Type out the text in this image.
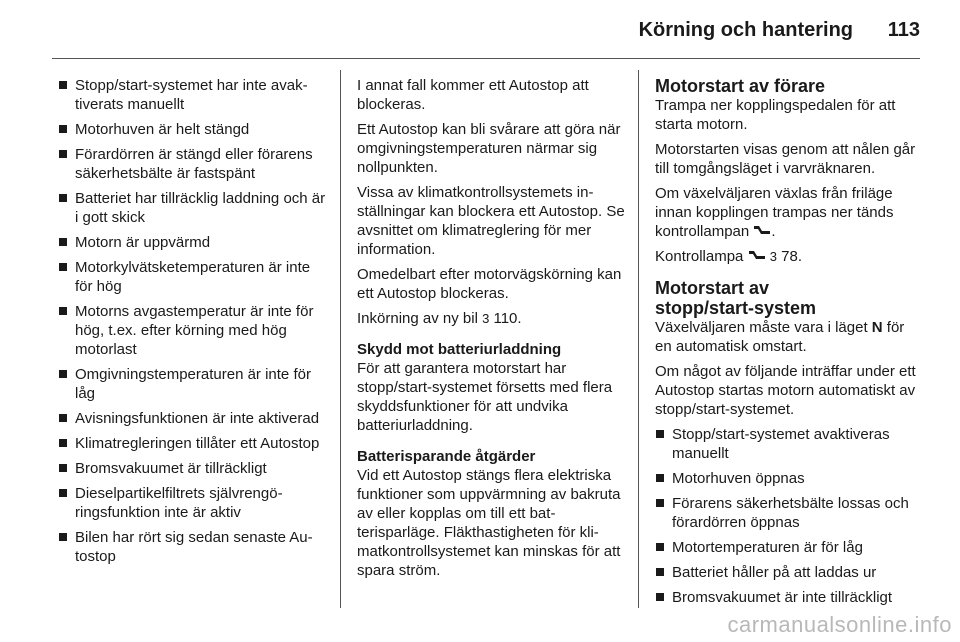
Körning och hantering 113
Stopp/start-systemet har inte avaktiverats manuellt
Motorhuven är helt stängd
Förardörren är stängd eller förarens säkerhetsbälte är fastspänt
Batteriet har tillräcklig laddning och är i gott skick
Motorn är uppvärmd
Motorkylvätsketemperaturen är inte för hög
Motorns avgastemperatur är inte för hög, t.ex. efter körning med hög motorlast
Omgivningstemperaturen är inte för låg
Avisningsfunktionen är inte aktiverad
Klimatregleringen tillåter ett Autostop
Bromsvakuumet är tillräckligt
Dieselpartikelfiltrets självrengöringsfunktion inte är aktiv
Bilen har rört sig sedan senaste Autostop

I annat fall kommer ett Autostop att blockeras.

Ett Autostop kan bli svårare att göra när omgivningstemperaturen närmar sig nollpunkten.

Vissa av klimatkontrollsystemets inställningar kan blockera ett Autostop. Se avsnittet om klimatreglering för mer information.

Omedelbart efter motorvägskörning kan ett Autostop blockeras.

Inkörning av ny bil 3 110.

Skydd mot batteriurladdning

För att garantera motorstart har stopp/start-systemet försetts med flera skyddsfunktioner för att undvika batteriurladdning.

Batterisparande åtgärder

Vid ett Autostop stängs flera elektriska funktioner som uppvärmning av bakruta av eller kopplas om till ett batterisparläge. Fläkthastigheten för klimatkontrollsystemet kan minskas för att spara ström.

Motorstart av förare

Trampa ner kopplingspedalen för att starta motorn.

Motorstarten visas genom att nålen går till tomgångsläget i varvräknaren.

Om växelväljaren växlas från friläge innan kopplingen trampas ner tänds kontrollampan .

Kontrollampa 3 78.

Motorstart av
stopp/start-system

Växelväljaren måste vara i läget N för en automatisk omstart.

Om något av följande inträffar under ett Autostop startas motorn automatiskt av stopp/start-systemet.

Stopp/start-systemet avaktiveras manuellt
Motorhuven öppnas
Förarens säkerhetsbälte lossas och förardörren öppnas
Motortemperaturen är för låg
Batteriet håller på att laddas ur
Bromsvakuumet är inte tillräckligt
carmanualsonline.info
